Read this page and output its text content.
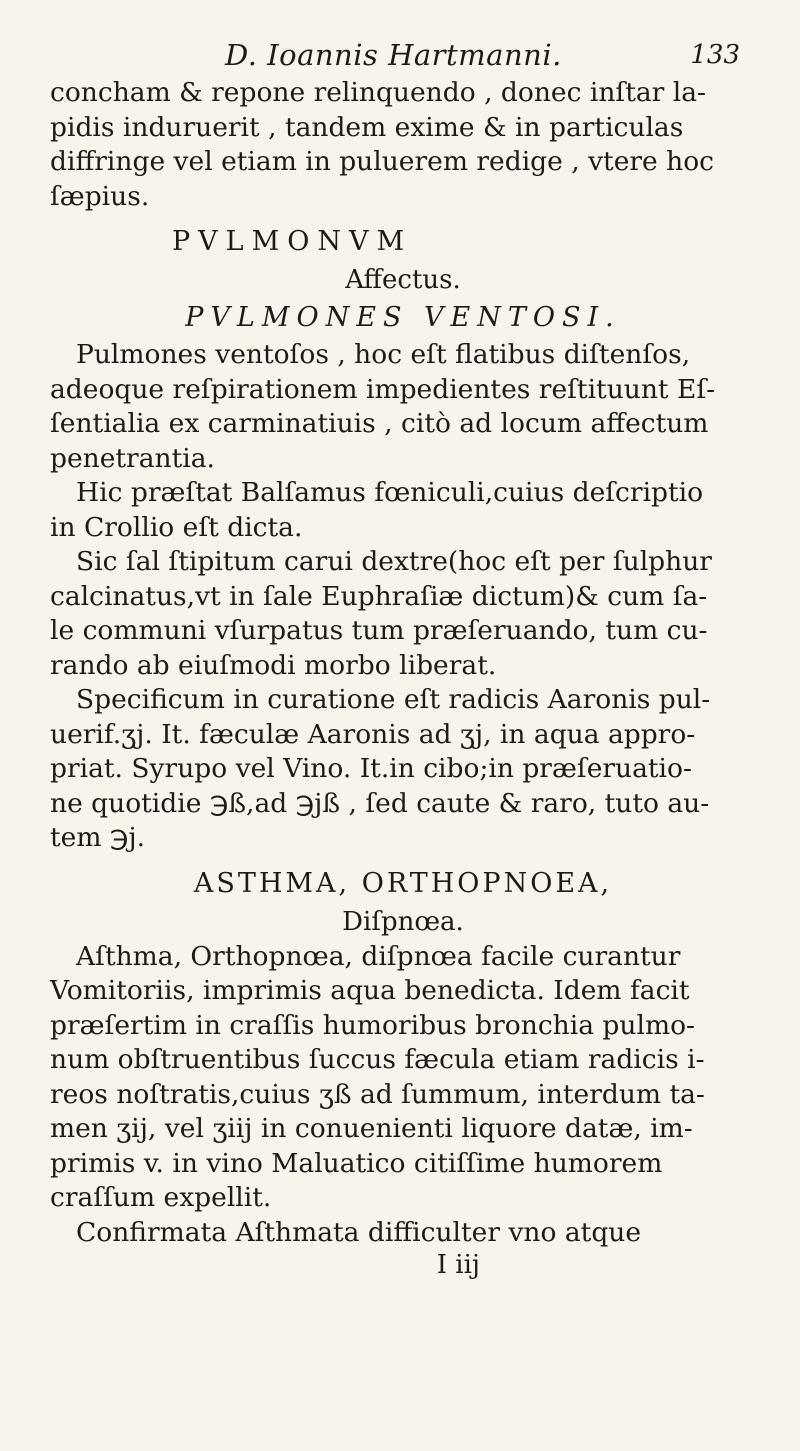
D. Ioannis Hartmanni.	133
concham & repone relinquendo , donec inſtar la-
pidis induruerit , tandem exime & in particulas
diffringe vel etiam in puluerem redige , vtere hoc
ſæpius.
PVLMONVM
Affectus.
PVLMONES VENTOSI.
Pulmones ventoſos , hoc eſt flatibus diſtenſos,
adeoque reſpirationem impedientes reſtituunt Eſ-
ſentialia ex carminatiuis , citò ad locum affectum
penetrantia.
Hic præſtat Balſamus fœniculi,cuius deſcriptio
in Crollio eſt dicta.
Sic ſal ſtipitum carui dextre(hoc eſt per ſulphur
calcinatus,vt in ſale Euphraſiæ dictum)& cum ſa-
le communi vſurpatus tum præſeruando, tum cu-
rando ab eiuſmodi morbo liberat.
Specificum in curatione eſt radicis Aaronis pul-
uerif.ʒj. It. fæculæ Aaronis ad ʒj, in aqua appro-
priat. Syrupo vel Vino. It.in cibo;in præſeruatio-
ne quotidie ℈ß,ad ℈jß , ſed caute & raro, tuto au-
tem ℈j.
ASTHMA, ORTHOPNOEA,
Diſpnœa.
Aſthma, Orthopnœa, diſpnœa facile curantur
Vomitoriis, imprimis aqua benedicta. Idem facit
præſertim in craſſis humoribus bronchia pulmo-
num obſtruentibus ſuccus fæcula etiam radicis i-
reos noſtratis,cuius ʒß ad ſummum, interdum ta-
men ʒij, vel ʒiij in conuenienti liquore datæ, im-
primis v. in vino Maluatico citiſſime humorem
craſſum expellit.
Confirmata Aſthmata difficulter vno atque
I iij
